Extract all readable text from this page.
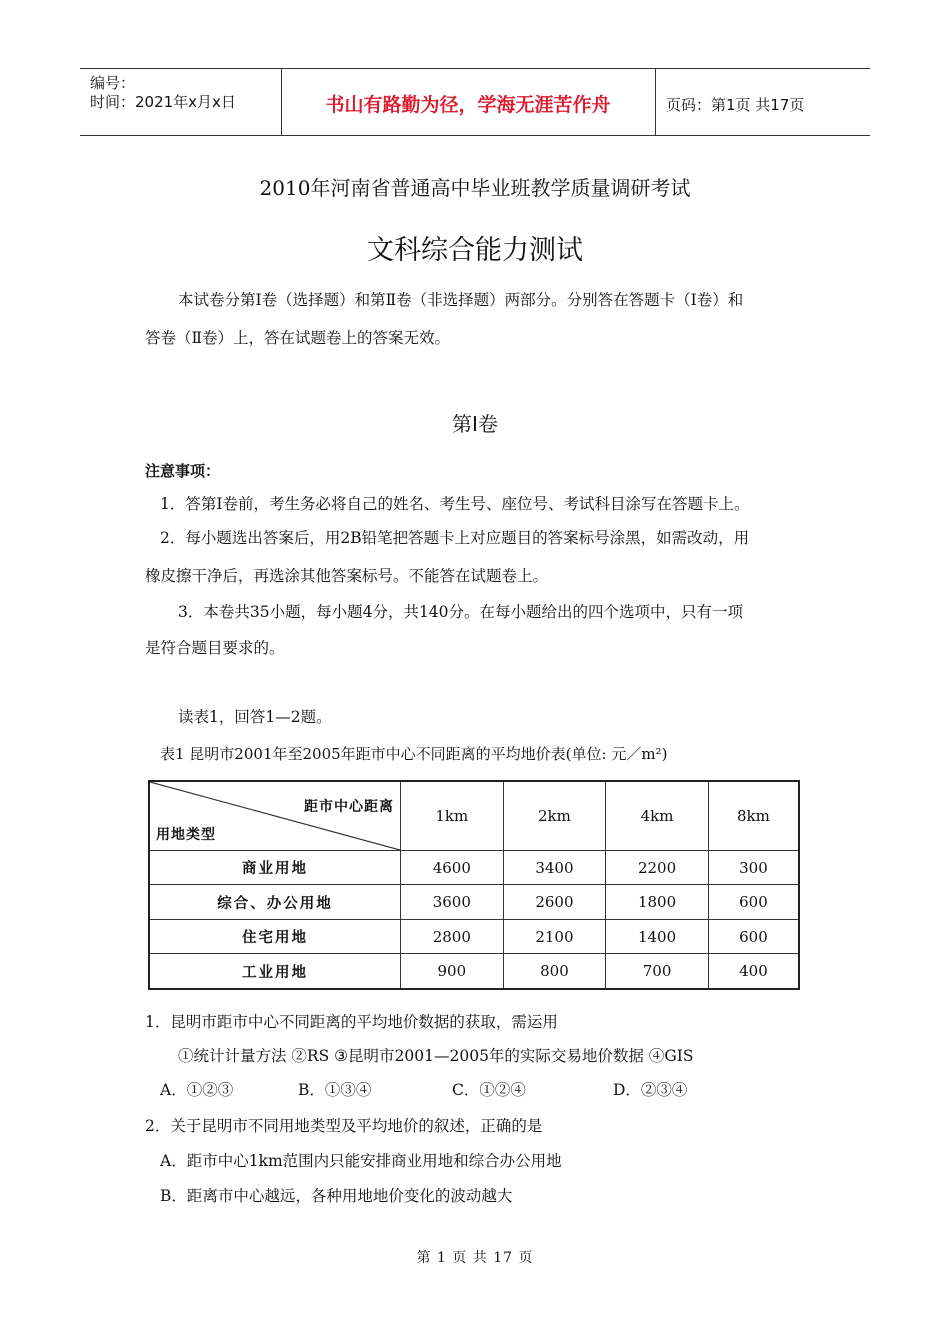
编号：
时间：2021年x月x日	书山有路勤为径，学海无涯苦作舟	页码：第1页 共17页
2010年河南省普通高中毕业班教学质量调研考试
文科综合能力测试
本试卷分第Ⅰ卷（选择题）和第Ⅱ卷（非选择题）两部分。分别答在答题卡（Ⅰ卷）和
答卷（Ⅱ卷）上，答在试题卷上的答案无效。
第Ⅰ卷
注意事项：
1．答第Ⅰ卷前，考生务必将自己的姓名、考生号、座位号、考试科目涂写在答题卡上。
2．每小题选出答案后，用2B铅笔把答题卡上对应题目的答案标号涂黑，如需改动，用
橡皮擦干净后，再选涂其他答案标号。不能答在试题卷上。
3．本卷共35小题，每小题4分，共140分。在每小题给出的四个选项中，只有一项
是符合题目要求的。
读表1，回答1—2题。
表1 昆明市2001年至2005年距市中心不同距离的平均地价表(单位: 元／m²)
距市中心距离
用地类型	1km	2km	4km	8km
商业用地	4600	3400	2200	300
综合、办公用地	3600	2600	1800	600
住宅用地	2800	2100	1400	600
工业用地	900	800	700	400
1．昆明市距市中心不同距离的平均地价数据的获取，需运用
①统计计量方法 ②RS ③昆明市2001—2005年的实际交易地价数据 ④GIS
A．①②③	B．①③④	C．①②④	D．②③④
2．关于昆明市不同用地类型及平均地价的叙述，正确的是
A．距市中心1km范围内只能安排商业用地和综合办公用地
B．距离市中心越远，各种用地地价变化的波动越大
第 1 页 共 17 页
